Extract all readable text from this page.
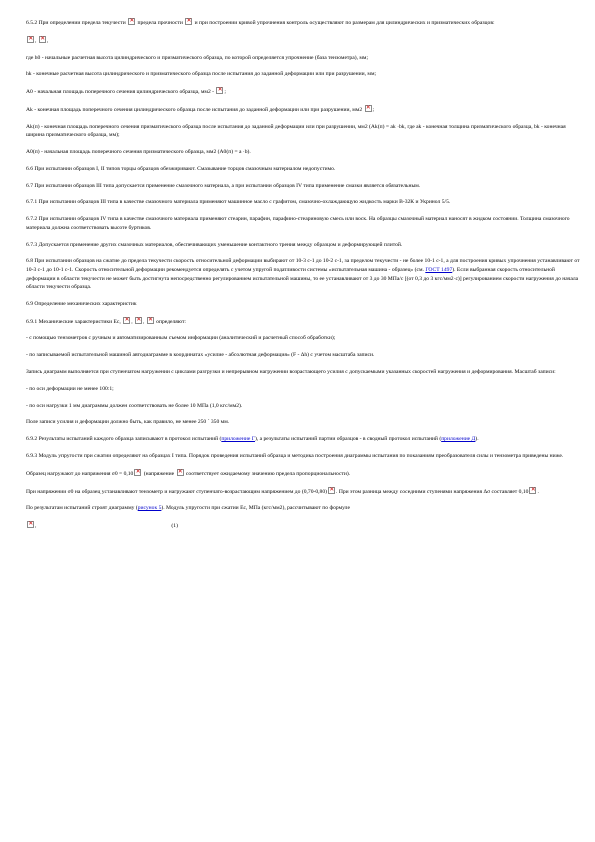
6.5.2 При определении предела текучести ✕ предела прочности ✕ и при построении кривой упрочнения контроль осуществляют по размерам для цилиндрических и призматических образцов:

✕, ✕,

где h0 - начальные расчетная высота цилиндрического и призматического образца, по которой определяется упрочнение (база тензометра), мм;

hk - конечные расчетная высота цилиндрического и призматического образца после испытания до заданной деформации или при разрушении, мм;

A0 - начальная площадь поперечного сечения цилиндрического образца, мм2 - ✕;

Ak - конечная площадь поперечного сечения цилиндрического образца после испытания до заданной деформации или при разрушении, мм2 ✕;

Ak(п) - конечная площадь поперечного сечения призматического образца после испытания до заданной деформации или при разрушении, мм2 (Ak(п) = ak ·bk, где ak - конечная толщина призматического образца, bk - конечная ширина призматического образца, мм);

A0(п) - начальная площадь поперечного сечения призматического образца, мм2 (A0(п) = a ·b).

6.6 При испытании образцов I, II типов торцы образцов обезжиривают. Смазывание торцов смазочным материалом недопустимо.

6.7 При испытании образцов III типа допускается применение смазочного материала, а при испытании образцов IV типа применение смазки является обязательным.

6.7.1 При испытании образцов III типа в качестве смазочного материала применяют машинное масло с графитом, смазочно-охлаждающую жидкость марки В-32К и Укринол 5/5.

6.7.2 При испытании образцов IV типа в качестве смазочного материала применяют стеарин, парафин, парафино-стеариновую смесь или воск. На образцы смазочный материал наносят в жидком состоянии. Толщина смазочного материала должна соответствовать высоте буртиков.

6.7.3 Допускается применение других смазочных материалов, обеспечивающих уменьшение контактного трения между образцом и деформирующей плитой.

6.8 При испытании образцов на сжатие до предела текучести скорость относительной деформации выбирают от 10-3 с-1 до 10-2 с-1, за пределом текучести - не более 10-1 с-1, а для построения кривых упрочнения устанавливают от 10-3 с-1 до 10-1 с-1. Скорость относительной деформации рекомендуется определять с учетом упругой податливости системы «испытательная машина - образец» (см. ГОСТ 1497). Если выбранная скорость относительной деформации в области текучести не может быть достигнута непосредственно регулированием испытательной машины, то ее устанавливают от 3 до 30 МПа/с [(от 0,3 до 3 кгс/мм2·с)] регулированием скорости нагружения до начала области текучести образца.

6.9 Определение механических характеристик

6.9.1 Механические характеристики Ec, ✕, ✕, ✕ определяют:

- с помощью тензометров с ручным и автоматизированным съемом информации (аналитический и расчетный способ обработки);

- по записываемой испытательной машиной автодиаграмме в координатах «усилие - абсолютная деформация» (F - Δh) с учетом масштаба записи.

Запись диаграмм выполняется при ступенчатом нагружении с циклами разгрузки и непрерывном нагружении возрастающего усилия с допускаемыми указанных скоростей нагружения и деформирования. Масштаб записи:

- по оси деформации не менее 100:1;

- по оси нагрузки 1 мм диаграммы должен соответствовать не более 10 МПа (1,0 кгс/мм2).

Поле записи усилия и деформации должно быть, как правило, не менее 250 ´ 350 мм.

6.9.2 Результаты испытаний каждого образца записывают в протокол испытаний (приложение Г), а результаты испытаний партии образцов - в сводный протокол испытаний (приложение Д).

6.9.3 Модуль упругости при сжатии определяют на образцах I типа. Порядок проведения испытаний образца и методика построения диаграммы испытания по показаниям преобразователя силы и тензометра приведены ниже.

Образец нагружают до напряжения σ0 = 0,10✕ (напряжение ✕ соответствует ожидаемому значению предела пропорциональности).

При напряжении σ0 на образец устанавливают тензометр и нагружают ступенчато-возрастающим напряжением до (0,70-0,80) ✕ . При этом разница между соседними ступенями напряжения Δσ составляет 0,10 ✕ .

По результатам испытаний строят диаграмму (рисунок 5). Модуль упругости при сжатии Ec, МПа (кгс/мм2), рассчитывают по формуле

✕,	(1)
